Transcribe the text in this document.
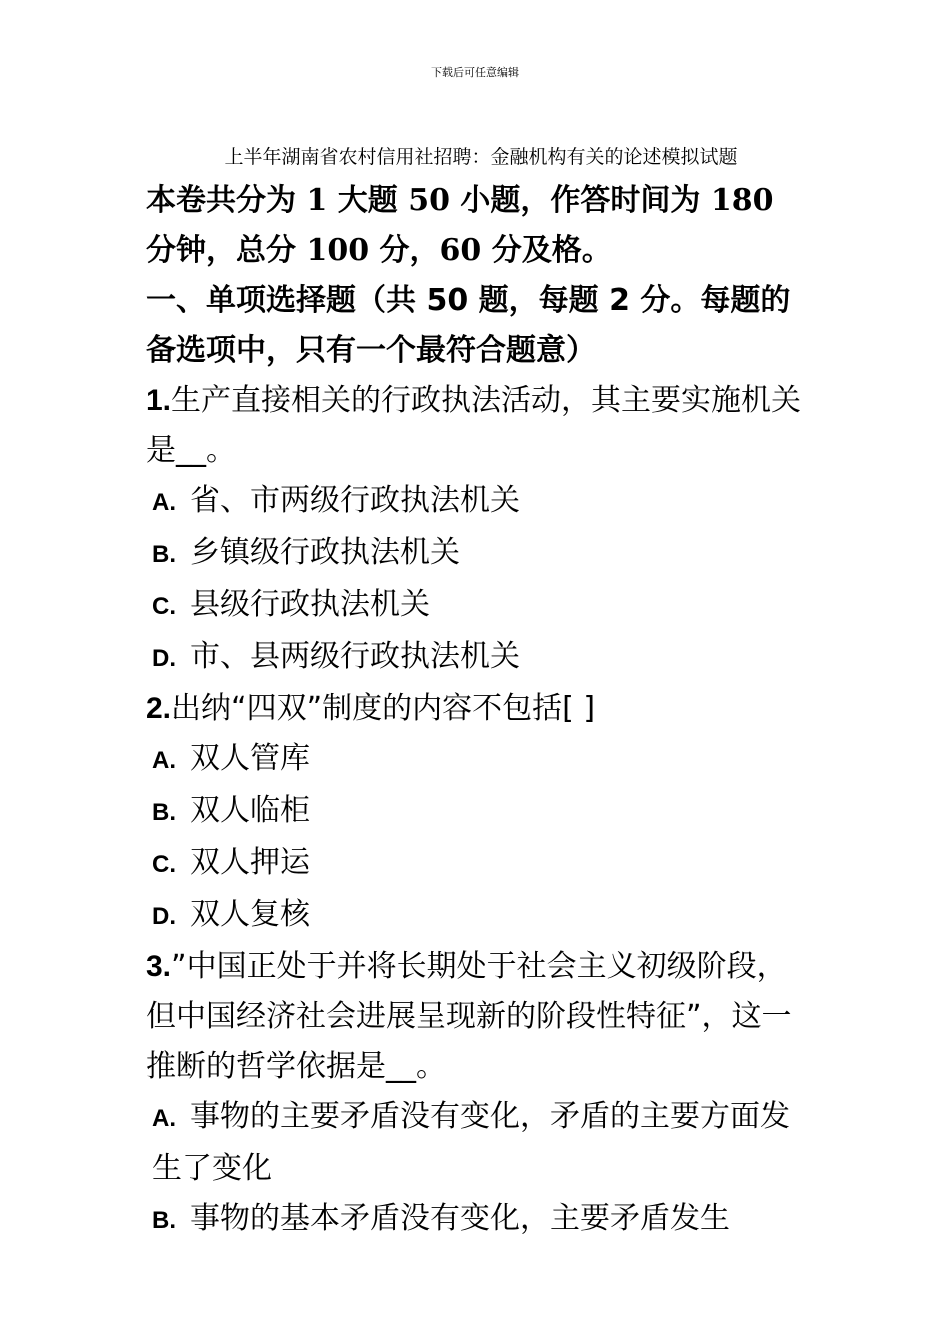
下载后可任意编辑
上半年湖南省农村信用社招聘：金融机构有关的论述模拟试题

本卷共分为 1 大题 50 小题，作答时间为 180 分钟，总分 100 分，60 分及格。

一、单项选择题（共 50 题，每题 2 分。每题的备选项中，只有一个最符合题意）

1.生产直接相关的行政执法活动，其主要实施机关是__。

A. 省、市两级行政执法机关

B. 乡镇级行政执法机关

C. 县级行政执法机关

D. 市、县两级行政执法机关

2.出纳“四双”制度的内容不包括[ ]

A. 双人管库

B. 双人临柜

C. 双人押运

D. 双人复核

3.”中国正处于并将长期处于社会主义初级阶段，但中国经济社会进展呈现新的阶段性特征”，这一推断的哲学依据是__。

A. 事物的主要矛盾没有变化，矛盾的主要方面发生了变化

B. 事物的基本矛盾没有变化，主要矛盾发生
